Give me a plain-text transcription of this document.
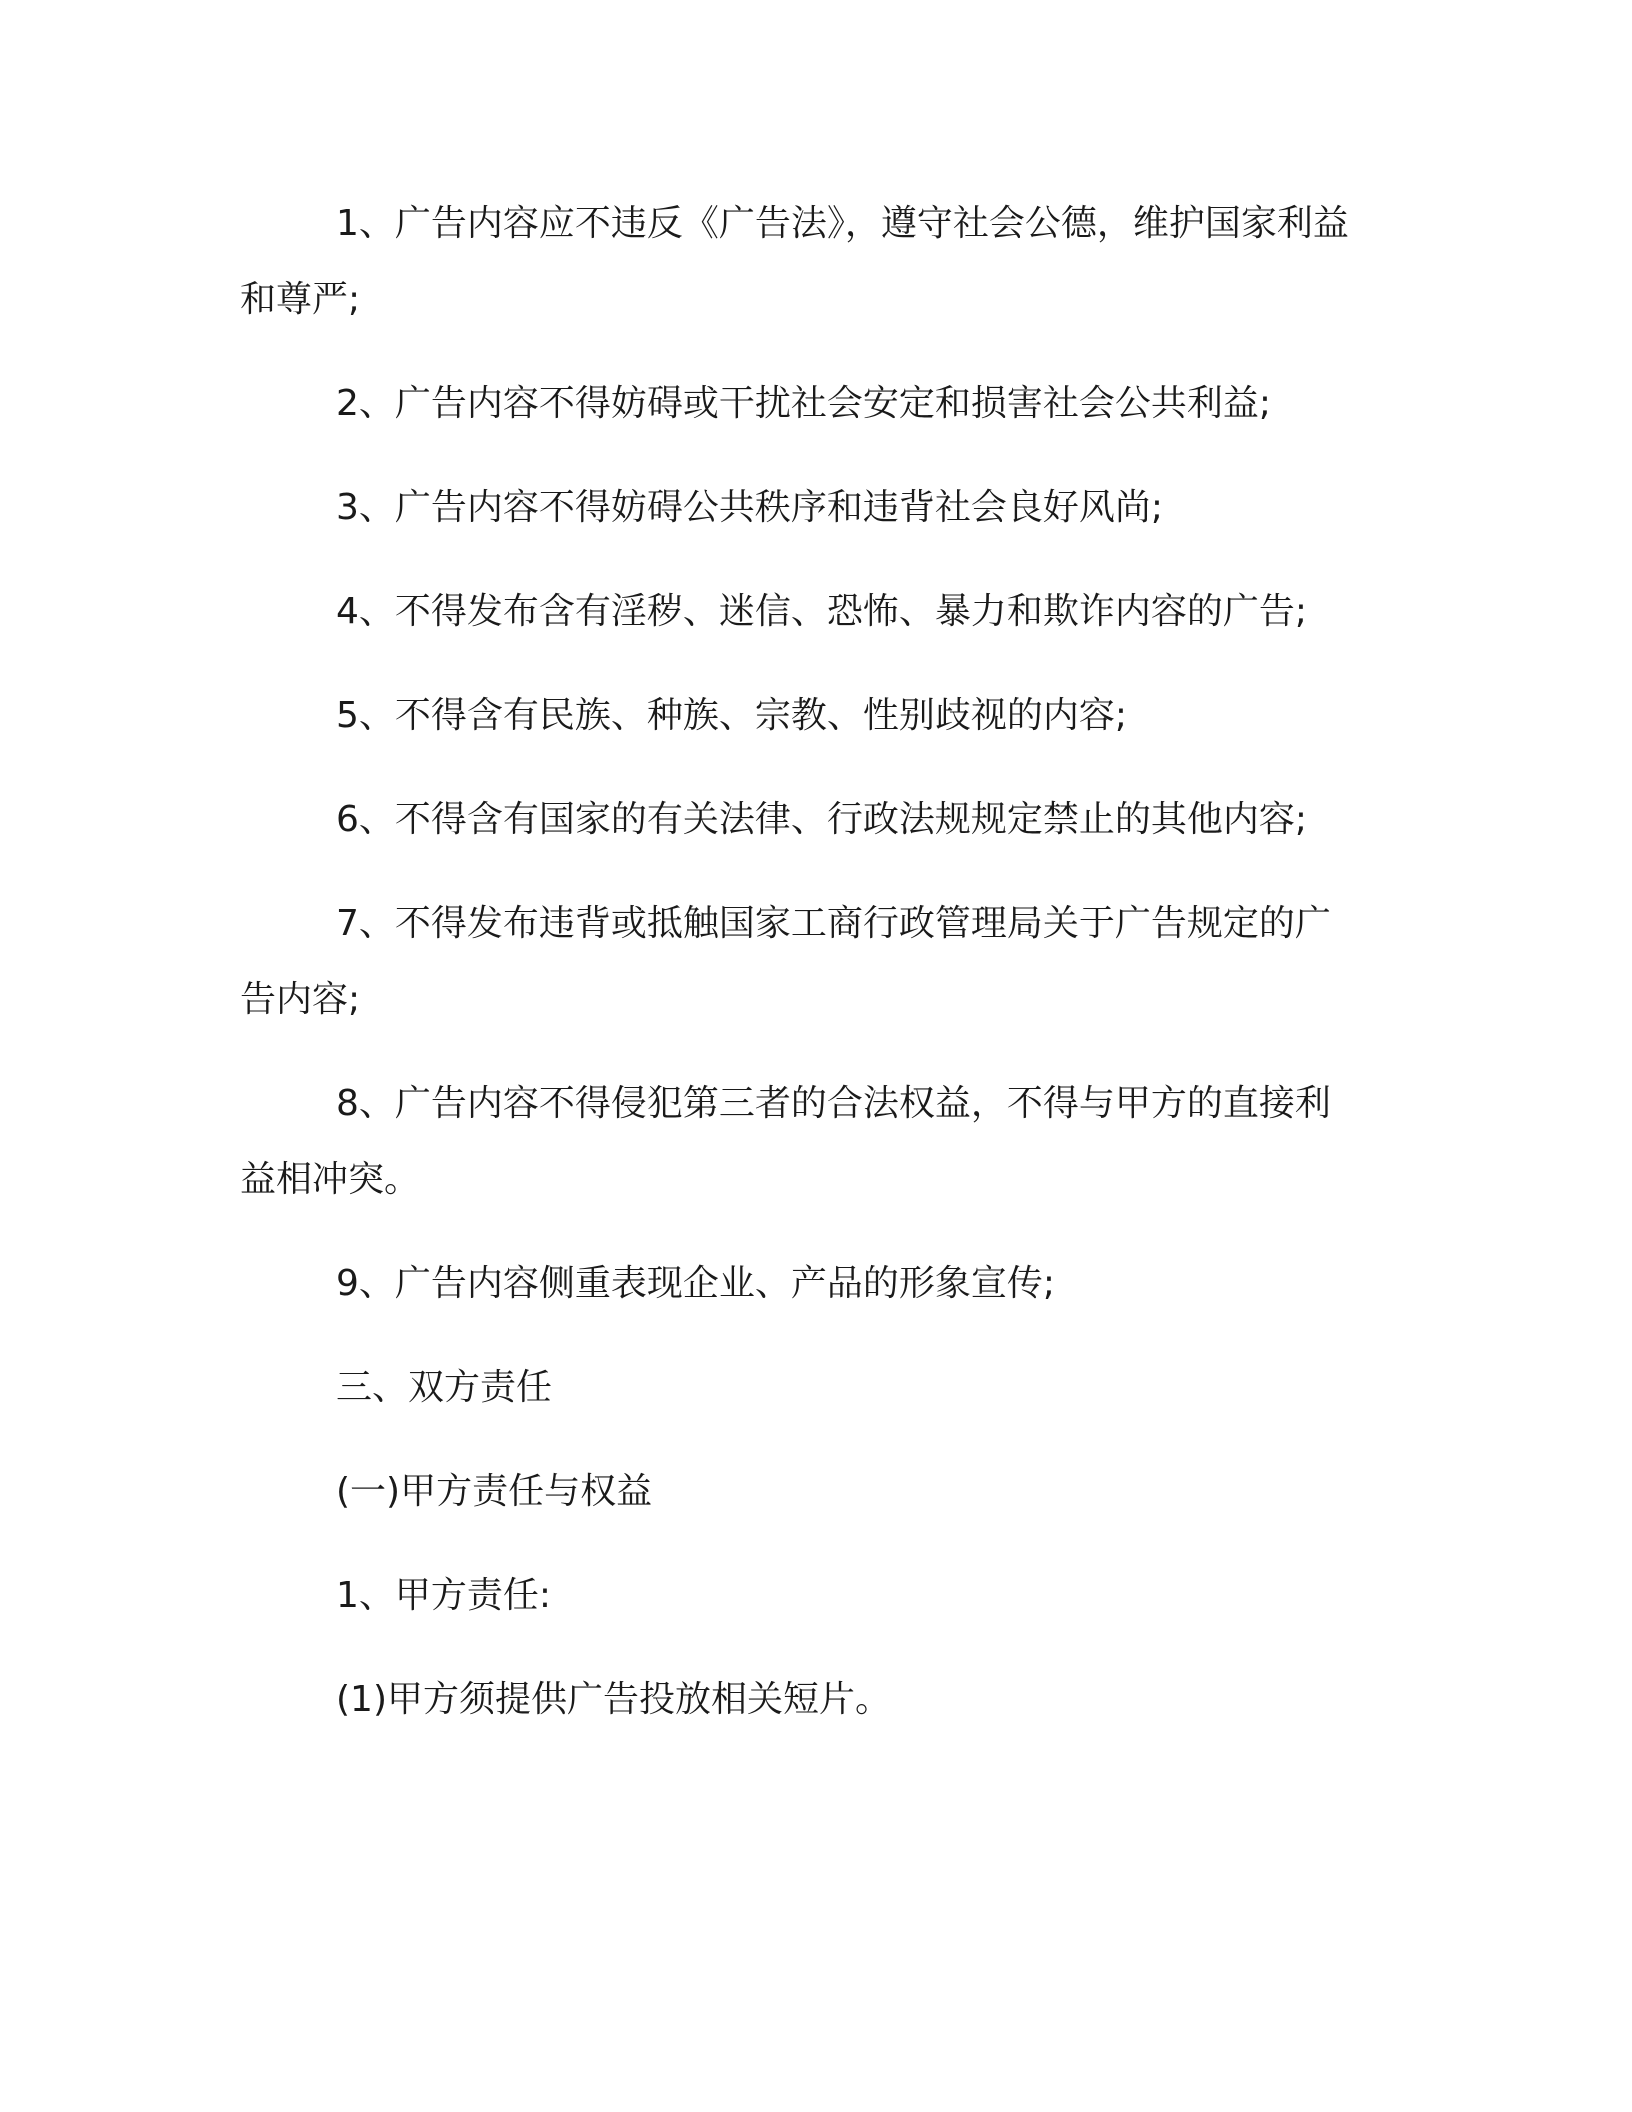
1、广告内容应不违反《广告法》，遵守社会公德，维护国家利益和尊严;

2、广告内容不得妨碍或干扰社会安定和损害社会公共利益;

3、广告内容不得妨碍公共秩序和违背社会良好风尚;

4、不得发布含有淫秽、迷信、恐怖、暴力和欺诈内容的广告;

5、不得含有民族、种族、宗教、性别歧视的内容;

6、不得含有国家的有关法律、行政法规规定禁止的其他内容;

7、不得发布违背或抵触国家工商行政管理局关于广告规定的广告内容;

8、广告内容不得侵犯第三者的合法权益，不得与甲方的直接利益相冲突。

9、广告内容侧重表现企业、产品的形象宣传;

三、双方责任

(一)甲方责任与权益

1、甲方责任:

(1)甲方须提供广告投放相关短片。
